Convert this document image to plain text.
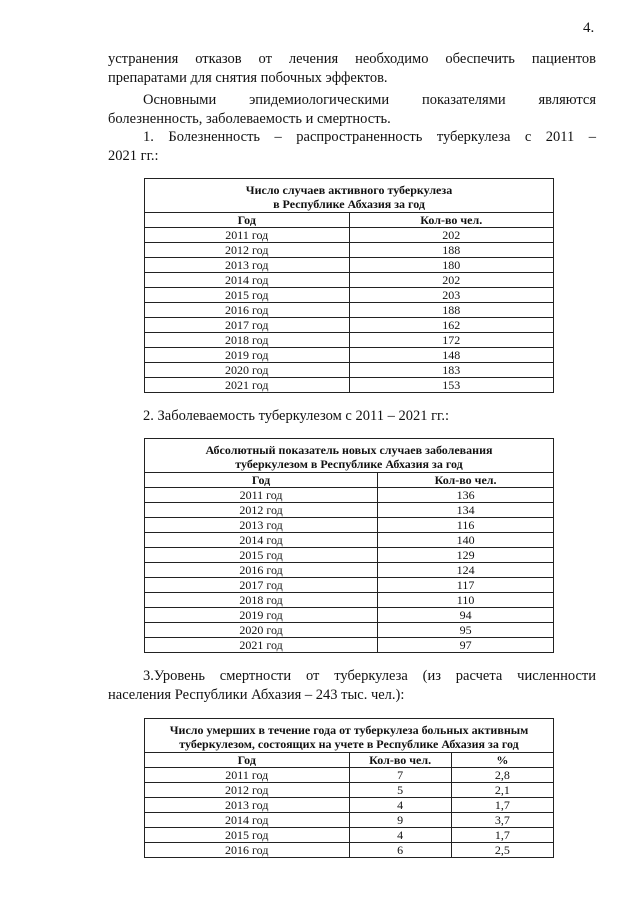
4.
устранения отказов от лечения необходимо обеспечить пациентов
препаратами для снятия побочных эффектов.
Основными эпидемиологическими показателями являются
болезненность, заболеваемость и смертность.
1. Болезненность – распространенность туберкулеза с 2011 –
2021 гг.:
Число случаев активного туберкулеза
в Республике Абхазия за год	

Год	Кол-во чел.
2011 год	202
2012 год	188
2013 год	180
2014 год	202
2015 год	203
2016 год	188
2017 год	162
2018 год	172
2019 год	148
2020 год	183
2021 год	153
2. Заболеваемость туберкулезом с 2011 – 2021 гг.:
Абсолютный показатель новых случаев заболевания
туберкулезом в Республике Абхазия за год	

Год	Кол-во чел.
2011 год	136
2012 год	134
2013 год	116
2014 год	140
2015 год	129
2016 год	124
2017 год	117
2018 год	110
2019 год	94
2020 год	95
2021 год	97
3.Уровень смертности от туберкулеза (из расчета численности
населения Республики Абхазия – 243 тыс. чел.):
Число умерших в течение года от туберкулеза больных активным
туберкулезом, состоящих на учете в Республике Абхазия за год		

Год	Кол-во чел.	%
2011 год	7	2,8
2012 год	5	2,1
2013 год	4	1,7
2014 год	9	3,7
2015 год	4	1,7
2016 год	6	2,5
